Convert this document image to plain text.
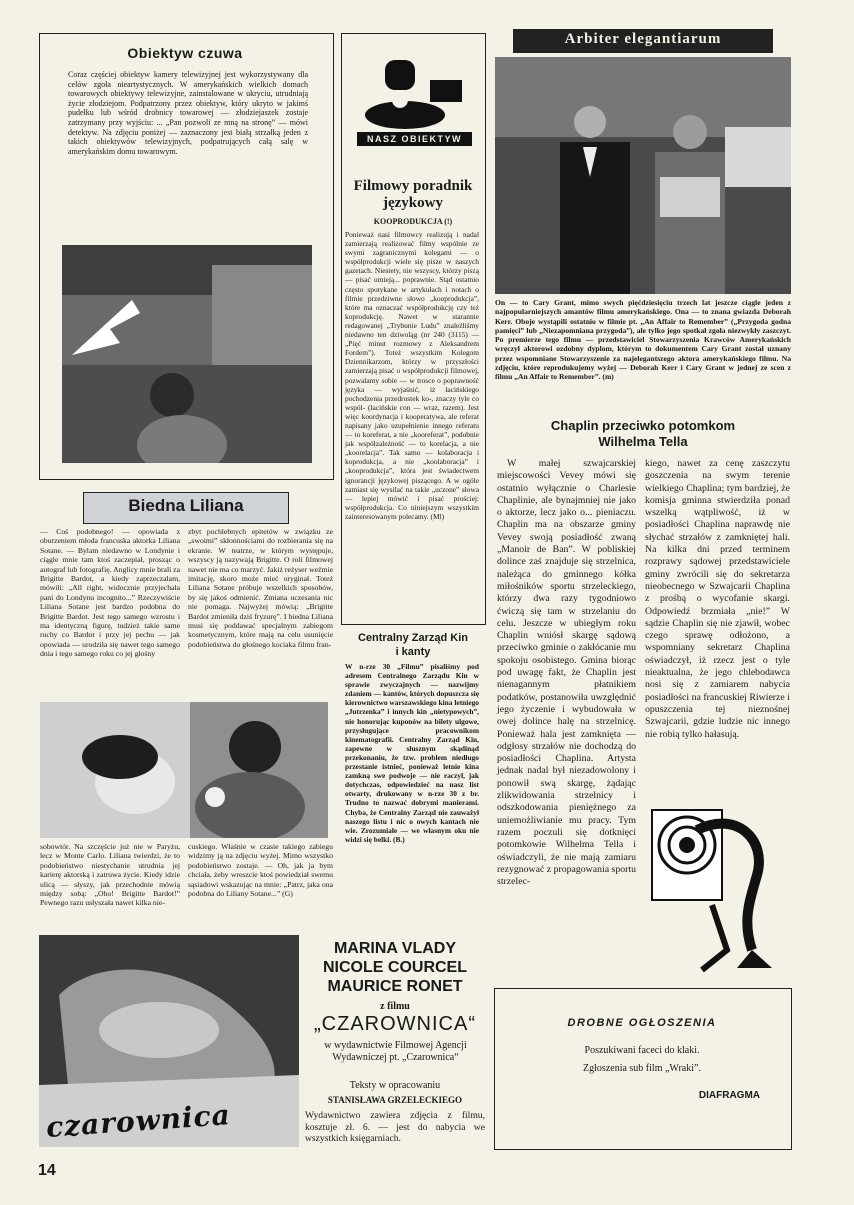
Obiektyw czuwa

Coraz częściej obiektyw kamery telewizyjnej jest wykorzystywany dla celów zgoła nieartystycznych. W amerykańskich wielkich domach towarowych obiektywy telewizyjne, zainstalowane w ukryciu, utrudniają życie złodziejom. Podpatrzony przez obiektyw, który ukryto w jakimś pudełku lub wśród drobnicy towarowej — złodziejaszek zostaje zatrzymany przy wyjściu: ... „Pan pozwoli ze mną na stronę” — mówi detektyw. Na zdjęciu poniżej — zaznaczony jest białą strzałką jeden z takich obiektywów telewizyjnych, podpatrujących całą salę w amerykańskim domu towarowym.

NASZ OBIEKTYW
Filmowy poradnik
językowy

KOOPRODUKCJA (!)

Ponieważ nasi filmowcy realizują i nadal zamierzają realizować filmy wspólnie ze swymi zagranicznymi kolegami — o współprodukcji wiele się pisze w naszych gazetach. Niestety, nie wszyscy, którzy piszą — pisać umieją... poprawnie. Stąd ostatnio często spotykane w artykułach i notach o filmie przedziwne słowo „kooprodukcja”, które ma oznaczać współprodukcję czy też koprodukcję. Nawet w starannie redagowanej „Trybunie Ludu” znaleźliśmy niedawno ten dziwoląg (nr 240 (3115) — „Pięć minut rozmowy z Aleksandrem Fordem”). Toteż wszystkim Kolegom Dziennikarzom, którzy w przyszłości zamierzają pisać o współprodukcji filmowej, pozwalamy sobie — w trosce o poprawność języka — wyjaśnić, iż łacińskiego pochodzenia przedrostek ko-, znaczy tyle co wspól- (łacińskie con — wraz, razem). Jest więc koordynacja i kooperatywa, ale referat napisany jako uzupełnienie innego referatu — to koreferat, a nie „kooreferat”, podobnie jak współzależność — to korelacja, a nie „koorelacja”. Tak samo — kolaboracja i koprodukcja, a nie „koolaboracja” i „kooprodukcja”, która jest świadectwem ignorancji językowej piszącego. A w ogóle zamiast się wysilać na takie „uczone” słowa — lepiej mówić i pisać prościej: współprodukcja. Co niniejszym wszystkim zainteresowanym polecamy. (Ml)

Centralny Zarząd Kin
i kanty

W n-rze 30 „Filmu” pisaliśmy pod adresem Centralnego Zarządu Kin w sprawie zwyczajnych — nazwijmy zdaniem — kantów, których dopuszcza się kierownictwo warszawskiego kina letniego „Jutrzenka” i innych kin „nietypowych”, nie honorując kuponów na bilety ulgowe, przysługujące pracownikom kinematografii. Centralny Zarząd Kin, zapewne w słusznym skądinąd przekonaniu, że tzw. problem niedługo przestanie istnieć, ponieważ letnie kina zamkną swe podwoje — nie raczył, jak dotychczas, odpowiedzieć na nasz list otwarty, drukowany w n-rze 30 z br. Trudno to nazwać dobrymi manierami. Chyba, że Centralny Zarząd nie zauważył naszego listu i nic o owych kantach nie wie. Zrozumiałe — we własnym oku nie widzi się belki. (B.)

Arbiter elegantiarum

On — to Cary Grant, mimo swych pięćdziesięciu trzech lat jeszcze ciągle jeden z najpopularniejszych amantów filmu amerykańskiego. Ona — to znana gwiazda Deborah Kerr. Oboje wystąpili ostatnio w filmie pt. „An Affair to Remember” („Przygoda godna pamięci” lub „Niezapomniana przygoda”), ale tylko jego spotkał zgoła niezwykły zaszczyt. Po premierze tego filmu — przedstawiciel Stowarzyszenia Krawców Amerykańskich wręczył aktorowi ozdobny dyplom, którym to dokumentem Cary Grant został uznany przez wspomniane Stowarzyszenie za najelegantszego aktora amerykańskiego filmu. Na zdjęciu, które reprodukujemy wyżej — Deborah Kerr i Cary Grant w jednej ze scen z filmu „An Affair to Remember”. (m)

Chaplin przeciwko potomkom
Wilhelma Tella

W małej szwajcarskiej miejscowości Vevey mówi się ostatnio wyłącznie o Charlesie Chaplinie, ale bynajmniej nie jako o aktorze, lecz jako o... pieniaczu. Chaplin ma na obszarze gminy Vevey swoją posiadłość zwaną „Manoir de Ban”. W pobliskiej dolince zaś znajduje się strzelnica, należąca do gminnego kółka miłośników sportu strzeleckiego, którzy dwa razy tygodniowo ćwiczą się tam w strzelaniu do celu. Jeszcze w ubiegłym roku Chaplin wniósł skargę sądową przeciwko gminie o zakłócanie mu spokoju osobistego. Gmina biorąc pod uwagę fakt, że Chaplin jest nienagannym płatnikiem podatków, postanowiła uwzględnić jego życzenie i wybudowała w owej dolince halę na strzelnicę. Ponieważ hala jest zamknięta — odgłosy strzałów nie dochodzą do posiadłości Chaplina. Artysta jednak nadal był niezadowolony i ponowił swą skargę, żądając zlikwidowania strzelnicy i odszkodowania pieniężnego za uniemożliwianie mu pracy. Tym razem poczuli się dotknięci potomkowie Wilhelma Tella i oświadczyli, że nie mają zamiaru rezygnować z propagowania sportu strzelec-

kiego, nawet za cenę zaszczytu goszczenia na swym terenie wielkiego Chaplina; tym bardziej, że komisja gminna stwierdziła ponad wszelką wątpliwość, iż w posiadłości Chaplina naprawdę nie słychać strzałów z zamkniętej hali. Na kilka dni przed terminem rozprawy sądowej przedstawiciele gminy zwrócili się do sekretarza nieobecnego w Szwajcarii Chaplina z prośbą o wycofanie skargi. Odpowiedź brzmiała „nie!” W sądzie Chaplin się nie zjawił, wobec czego sprawę odłożono, a wspomniany sekretarz Chaplina oświadczył, iż rzecz jest o tyle nieaktualna, że jego chlebodawca nosi się z zamiarem nabycia posiadłości na francuskiej Riwierze i opuszczenia tej nieznośnej Szwajcarii, gdzie ludzie nic innego nie robią tylko hałasują.

Biedna Liliana

— Coś podobnego! — opowiada z oburzeniem młoda francuska aktorka Liliana Sotane. — Bylam niedawno w Londynie i ciągle mnie tam ktoś zaczepiał, prosząc o autograf lub fotografię. Anglicy mnie brali za Brigitte Bardot, a kiedy zaprzeczałam, mówili: „All right, widocznie przyjechała pani do Londynu incognito...” Rzeczywiście Liliana Sotane jest bardzo podobna do Brigitte Bardot. Jest tego samego wzrostu i ma identyczną figurę, tudzież takie same ruchy co Bardot i przy jej pechu — jak opowiada — urodziła się nawet tego samego dnia i tego samego roku co jej głośny

zbyt pochlebnych epitetów w związku ze „swoimi” skłonnościami do rozbierania się na ekranie. W teatrze, w którym występuje, wszyscy ją nazywają Brigitte. O roli filmowej nawet nie ma co marzyć. Jakiż reżyser weźmie imitację, skoro może mieć oryginał. Toteż Liliana Sotane próbuje wszelkich sposobów, by się jakoś odmienić. Zmiana uczesania nic nie pomaga. Najwyżej mówią: „Brigitte Bardot zmieniła dziś fryzurę”. I biedna Liliana musi się poddawać specjalnym zabiegom kosmetycznym, które mają na celu usunięcie podobieństwa do głośnego kociaka filmu fran-

sobowtór. Na szczęście już nie w Paryżu, lecz w Monte Carlo. Liliana twierdzi, że to podobieństwo niestychanie utrudnia jej karierę aktorską i zatruwa życie. Kiedy idzie ulicą — słyszy, jak przechodnie mówią między sobą: „Oho! Brigitte Bardot!” Pewnego razu usłyszała nawet kilka nie-

cuskiego. Właśnie w czasie takiego zabiegu widzimy ją na zdjęciu wyżej. Mimo wszystko podobieństwo zostaje. — Oh, jak ja bym chciała, żeby wreszcie ktoś powiedział swemu sąsiadowi wskazując na mnie: „Patrz, jaka ona podobna do Liliany Sotane...” (G)

czarownica
MARINA VLADY
NICOLE COURCEL
MAURICE RONET
z filmu
„CZAROWNICA“

w wydawnictwie Filmowej Agencji Wydawniczej pt. „Czarownica“

Teksty w opracowaniu

STANISŁAWA GRZELECKIEGO

Wydawnictwo zawiera zdjęcia z filmu, kosztuje zł. 6. — jest do nabycia we wszystkich księgarniach.

DROBNE OGŁOSZENIA

Poszukiwani faceci do klaki.

Zgłoszenia sub film „Wraki”.

DIAFRAGMA

14
